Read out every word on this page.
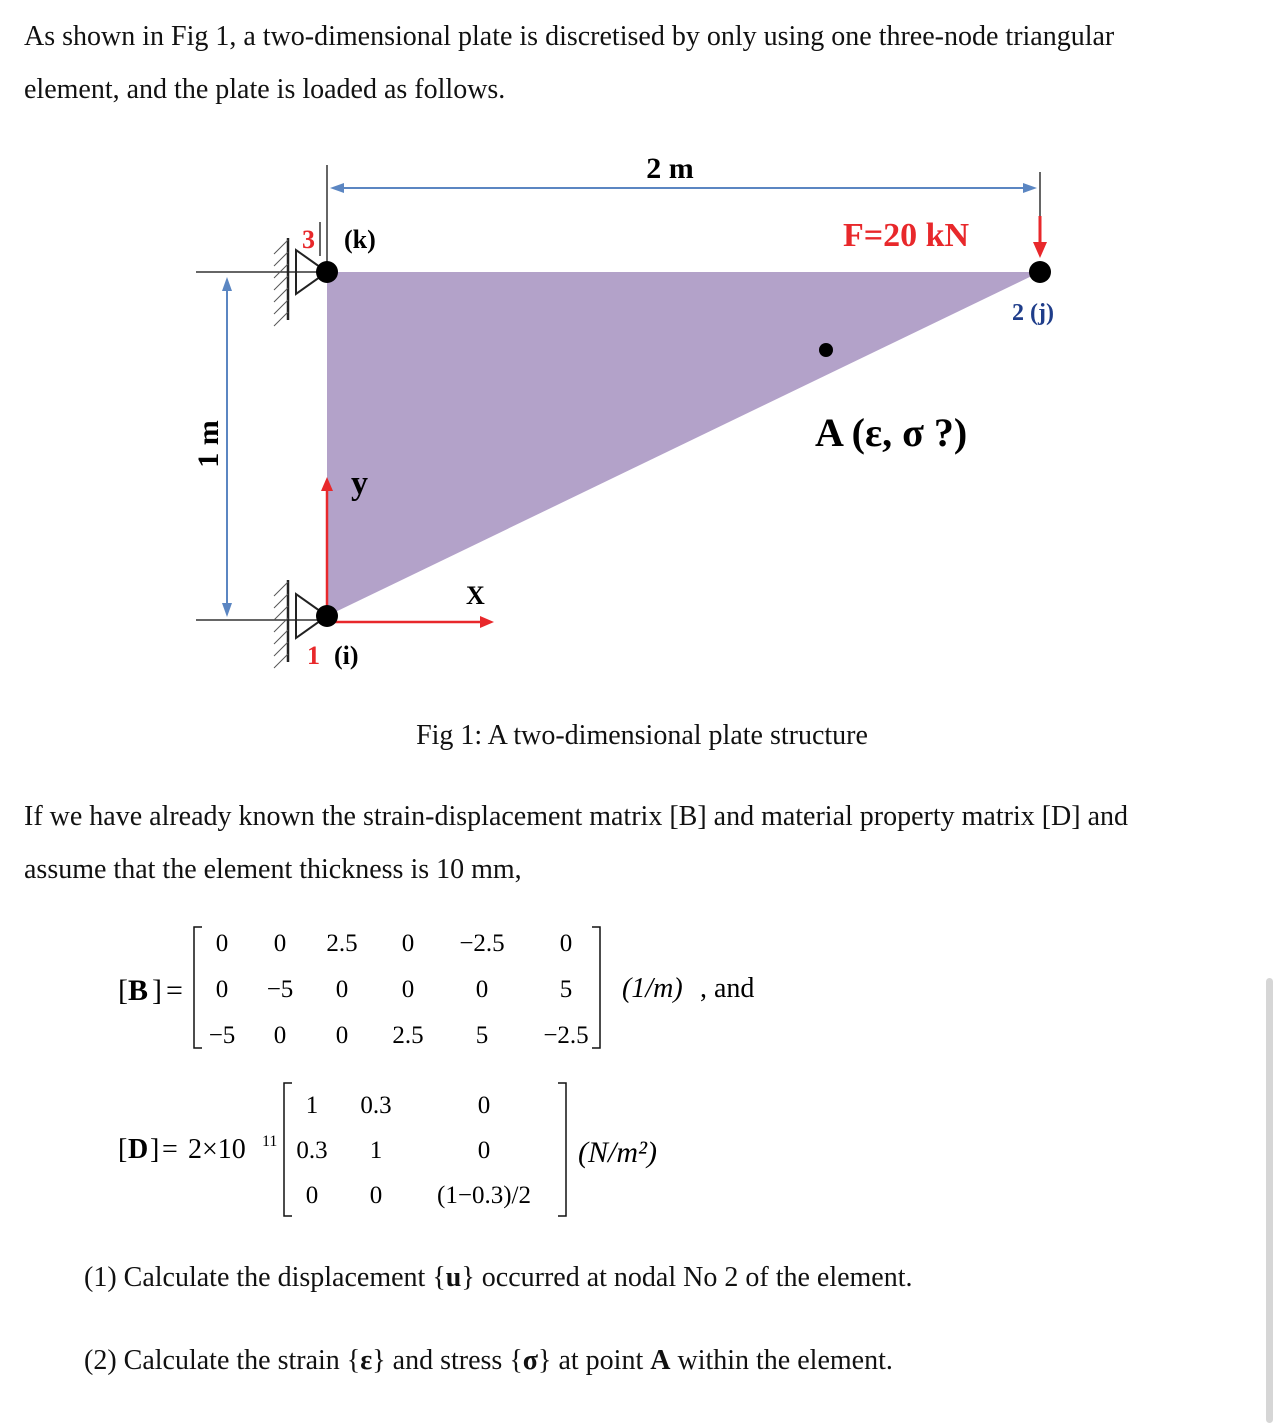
As shown in Fig 1, a two-dimensional plate is discretised by only using one three-node triangular
element, and the plate is loaded as follows.
2 m
1 m
y
X
F=20 kN
3 (k)
2 (j)
1 (i)
A (ε, σ ?)
Fig 1: A two-dimensional plate structure
If we have already known the strain-displacement matrix [B] and material property matrix [D] and
assume that the element thickness is 10 mm,
[ B ] =
0 0 2.5 0 −2.5 0
0 −5 0 0 0	5
−5 0 0 2.5 5 −2.5
(1/m) , and
[ D ] = 2×10 11
1 0.3	0
0.3 1	0
0 0 (1−0.3)/2
(N/m²)
(1) Calculate the displacement {u} occurred at nodal No 2 of the element.
(2) Calculate the strain {ε} and stress {σ} at point A within the element.
